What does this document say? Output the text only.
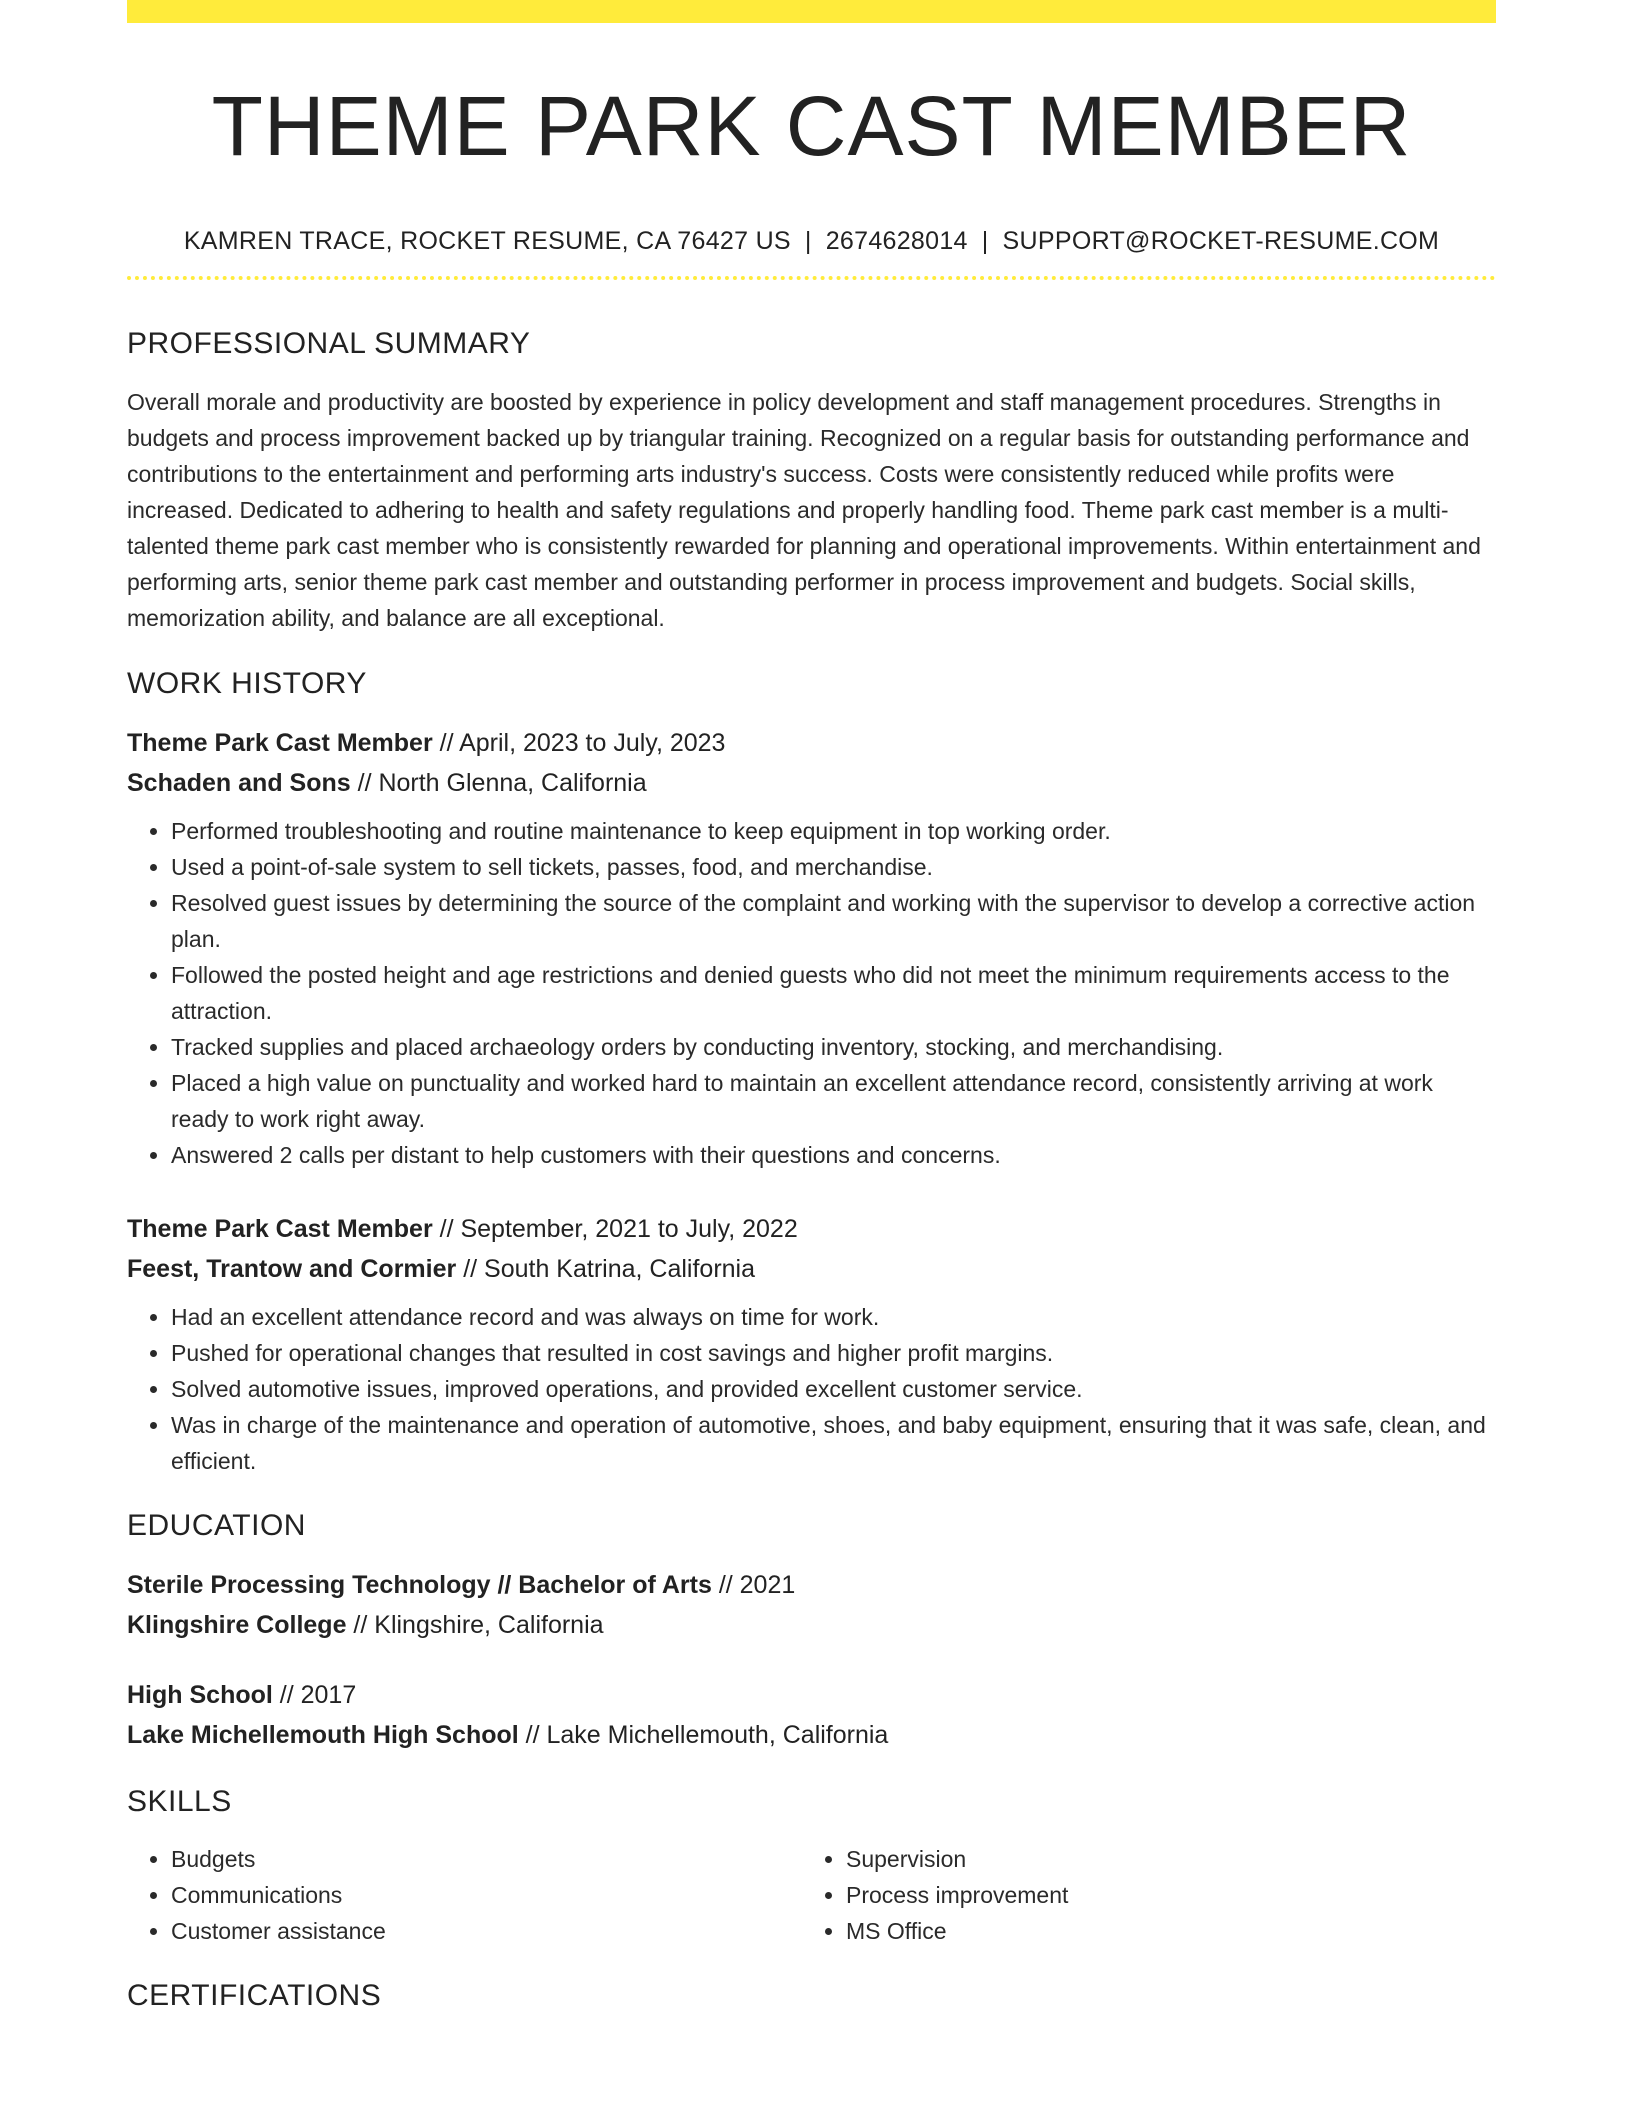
THEME PARK CAST MEMBER
KAMREN TRACE, ROCKET RESUME, CA 76427 US | 2674628014 | SUPPORT@ROCKET-RESUME.COM
PROFESSIONAL SUMMARY

Overall morale and productivity are boosted by experience in policy development and staff management procedures. Strengths in budgets and process improvement backed up by triangular training. Recognized on a regular basis for outstanding performance and contributions to the entertainment and performing arts industry's success. Costs were consistently reduced while profits were increased. Dedicated to adhering to health and safety regulations and properly handling food. Theme park cast member is a multi-talented theme park cast member who is consistently rewarded for planning and operational improvements. Within entertainment and performing arts, senior theme park cast member and outstanding performer in process improvement and budgets. Social skills, memorization ability, and balance are all exceptional.

WORK HISTORY
Theme Park Cast Member // April, 2023 to July, 2023
Schaden and Sons // North Glenna, California
• Performed troubleshooting and routine maintenance to keep equipment in top working order.
• Used a point-of-sale system to sell tickets, passes, food, and merchandise.
• Resolved guest issues by determining the source of the complaint and working with the supervisor to develop a corrective action plan.
• Followed the posted height and age restrictions and denied guests who did not meet the minimum requirements access to the attraction.
• Tracked supplies and placed archaeology orders by conducting inventory, stocking, and merchandising.
• Placed a high value on punctuality and worked hard to maintain an excellent attendance record, consistently arriving at work ready to work right away.
• Answered 2 calls per distant to help customers with their questions and concerns.
Theme Park Cast Member // September, 2021 to July, 2022
Feest, Trantow and Cormier // South Katrina, California
• Had an excellent attendance record and was always on time for work.
• Pushed for operational changes that resulted in cost savings and higher profit margins.
• Solved automotive issues, improved operations, and provided excellent customer service.
• Was in charge of the maintenance and operation of automotive, shoes, and baby equipment, ensuring that it was safe, clean, and efficient.
EDUCATION
Sterile Processing Technology // Bachelor of Arts // 2021
Klingshire College // Klingshire, California
High School // 2017
Lake Michellemouth High School // Lake Michellemouth, California
SKILLS
• Budgets
• Communications
• Customer assistance
• Supervision
• Process improvement
• MS Office
CERTIFICATIONS
